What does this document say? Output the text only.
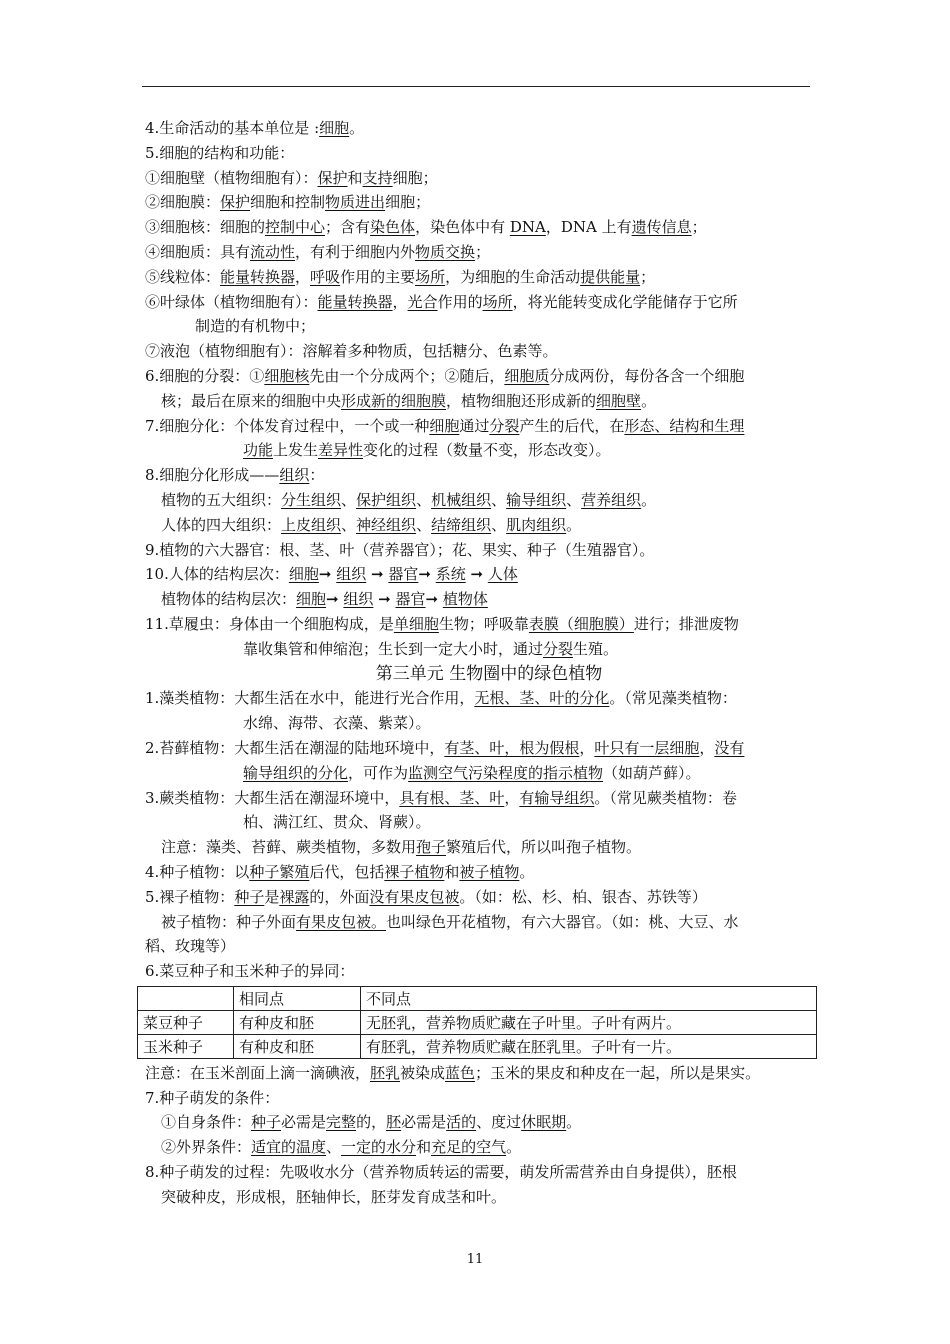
4.生命活动的基本单位是 :细胞。
5.细胞的结构和功能：
①细胞壁（植物细胞有）：保护和支持细胞；
②细胞膜：保护细胞和控制物质进出细胞；
③细胞核：细胞的控制中心；含有染色体，染色体中有 DNA，DNA 上有遗传信息；
④细胞质：具有流动性，有利于细胞内外物质交换；
⑤线粒体：能量转换器，呼吸作用的主要场所，为细胞的生命活动提供能量；
⑥叶绿体（植物细胞有）：能量转换器，光合作用的场所，将光能转变成化学能储存于它所
制造的有机物中；
⑦液泡（植物细胞有）：溶解着多种物质，包括糖分、色素等。
6.细胞的分裂：①细胞核先由一个分成两个；②随后，细胞质分成两份，每份各含一个细胞
核；最后在原来的细胞中央形成新的细胞膜，植物细胞还形成新的细胞壁。
7.细胞分化：个体发育过程中，一个或一种细胞通过分裂产生的后代，在形态、结构和生理
功能上发生差异性变化的过程（数量不变，形态改变）。
8.细胞分化形成——组织：
植物的五大组织：分生组织、保护组织、机械组织、输导组织、营养组织。
人体的四大组织：上皮组织、神经组织、结缔组织、肌肉组织。
9.植物的六大器官：根、茎、叶（营养器官）；花、果实、种子（生殖器官）。
10.人体的结构层次：细胞➞ 组织 ➞ 器官➞ 系统 ➞ 人体
植物体的结构层次：细胞➞ 组织 ➞ 器官➞ 植物体
11.草履虫：身体由一个细胞构成，是单细胞生物；呼吸靠表膜（细胞膜）进行；排泄废物
靠收集管和伸缩泡；生长到一定大小时，通过分裂生殖。
第三单元 生物圈中的绿色植物
1.藻类植物：大都生活在水中，能进行光合作用，无根、茎、叶的分化。（常见藻类植物：
水绵、海带、衣藻、紫菜）。
2.苔藓植物：大都生活在潮湿的陆地环境中，有茎、叶，根为假根，叶只有一层细胞，没有
输导组织的分化，可作为监测空气污染程度的指示植物（如葫芦藓）。
3.蕨类植物：大都生活在潮湿环境中，具有根、茎、叶，有输导组织。（常见蕨类植物：卷
柏、满江红、贯众、肾蕨）。
注意：藻类、苔藓、蕨类植物，多数用孢子繁殖后代，所以叫孢子植物。
4.种子植物：以种子繁殖后代，包括裸子植物和被子植物。
5.裸子植物：种子是裸露的，外面没有果皮包被。（如：松、杉、柏、银杏、苏铁等）
被子植物：种子外面有果皮包被。也叫绿色开花植物，有六大器官。（如：桃、大豆、水
稻、玫瑰等）
6.菜豆种子和玉米种子的异同：
	相同点	不同点
菜豆种子	有种皮和胚	无胚乳，营养物质贮藏在子叶里。子叶有两片。
玉米种子	有种皮和胚	有胚乳，营养物质贮藏在胚乳里。子叶有一片。
注意：在玉米剖面上滴一滴碘液，胚乳被染成蓝色；玉米的果皮和种皮在一起，所以是果实。
7.种子萌发的条件：
①自身条件：种子必需是完整的，胚必需是活的、度过休眠期。
②外界条件：适宜的温度、一定的水分和充足的空气。
8.种子萌发的过程：先吸收水分（营养物质转运的需要，萌发所需营养由自身提供），胚根
突破种皮，形成根，胚轴伸长，胚芽发育成茎和叶。
11
